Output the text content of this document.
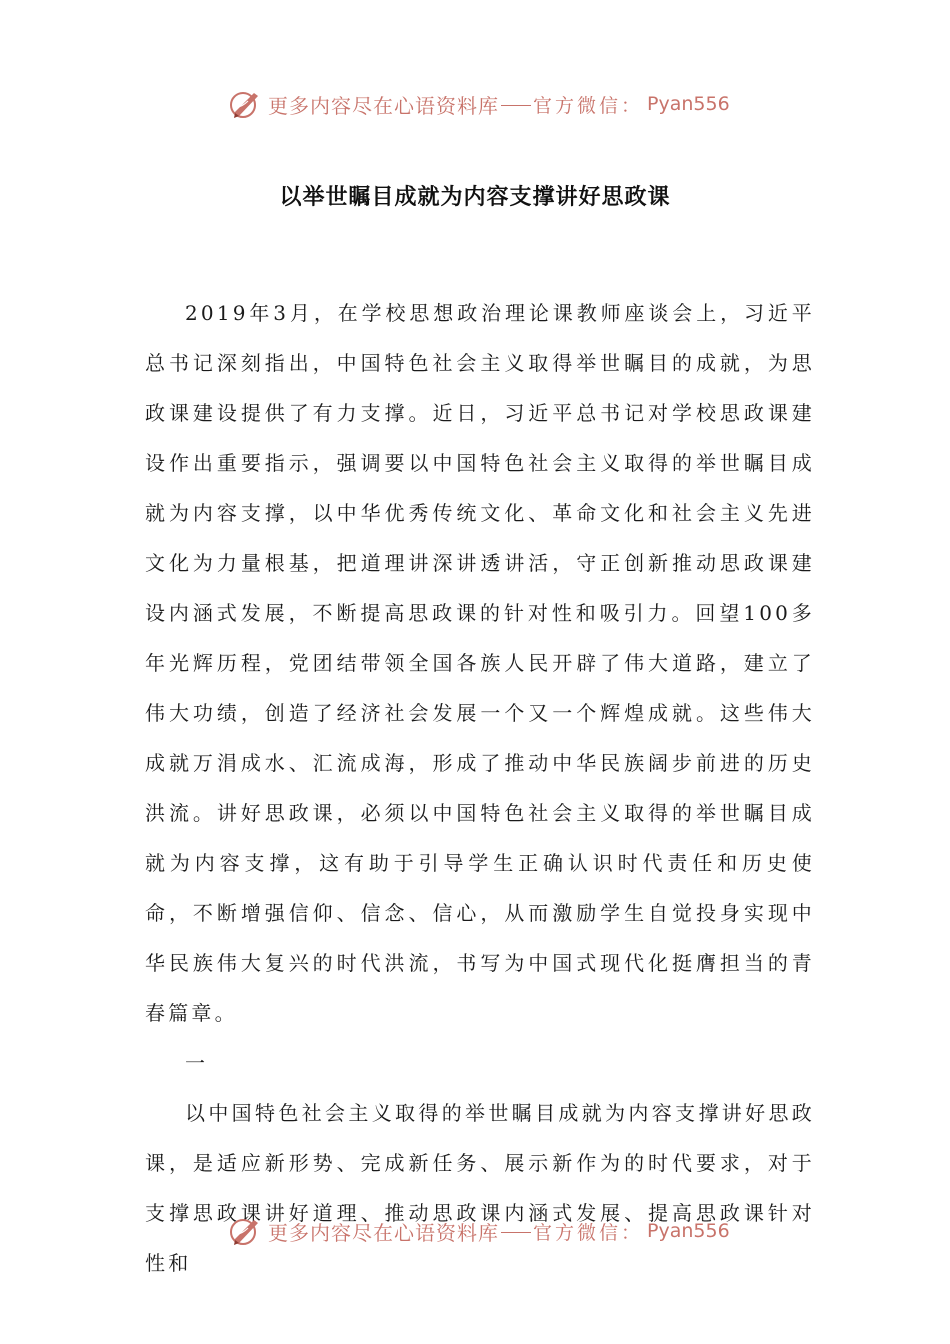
更多内容尽在心语资料库 官方微信： Pyan556
以举世瞩目成就为内容支撑讲好思政课

2019年3月，在学校思想政治理论课教师座谈会上，习近平总书记深刻指出，中国特色社会主义取得举世瞩目的成就，为思政课建设提供了有力支撑。近日，习近平总书记对学校思政课建设作出重要指示，强调要以中国特色社会主义取得的举世瞩目成就为内容支撑，以中华优秀传统文化、革命文化和社会主义先进文化为力量根基，把道理讲深讲透讲活，守正创新推动思政课建设内涵式发展，不断提高思政课的针对性和吸引力。回望100多年光辉历程，党团结带领全国各族人民开辟了伟大道路，建立了伟大功绩，创造了经济社会发展一个又一个辉煌成就。这些伟大成就万涓成水、汇流成海，形成了推动中华民族阔步前进的历史洪流。讲好思政课，必须以中国特色社会主义取得的举世瞩目成就为内容支撑，这有助于引导学生正确认识时代责任和历史使命，不断增强信仰、信念、信心，从而激励学生自觉投身实现中华民族伟大复兴的时代洪流，书写为中国式现代化挺膺担当的青春篇章。

一

以中国特色社会主义取得的举世瞩目成就为内容支撑讲好思政课，是适应新形势、完成新任务、展示新作为的时代要求，对于支撑思政课讲好道理、推动思政课内涵式发展、提高思政课针对性和

更多内容尽在心语资料库 官方微信： Pyan556
